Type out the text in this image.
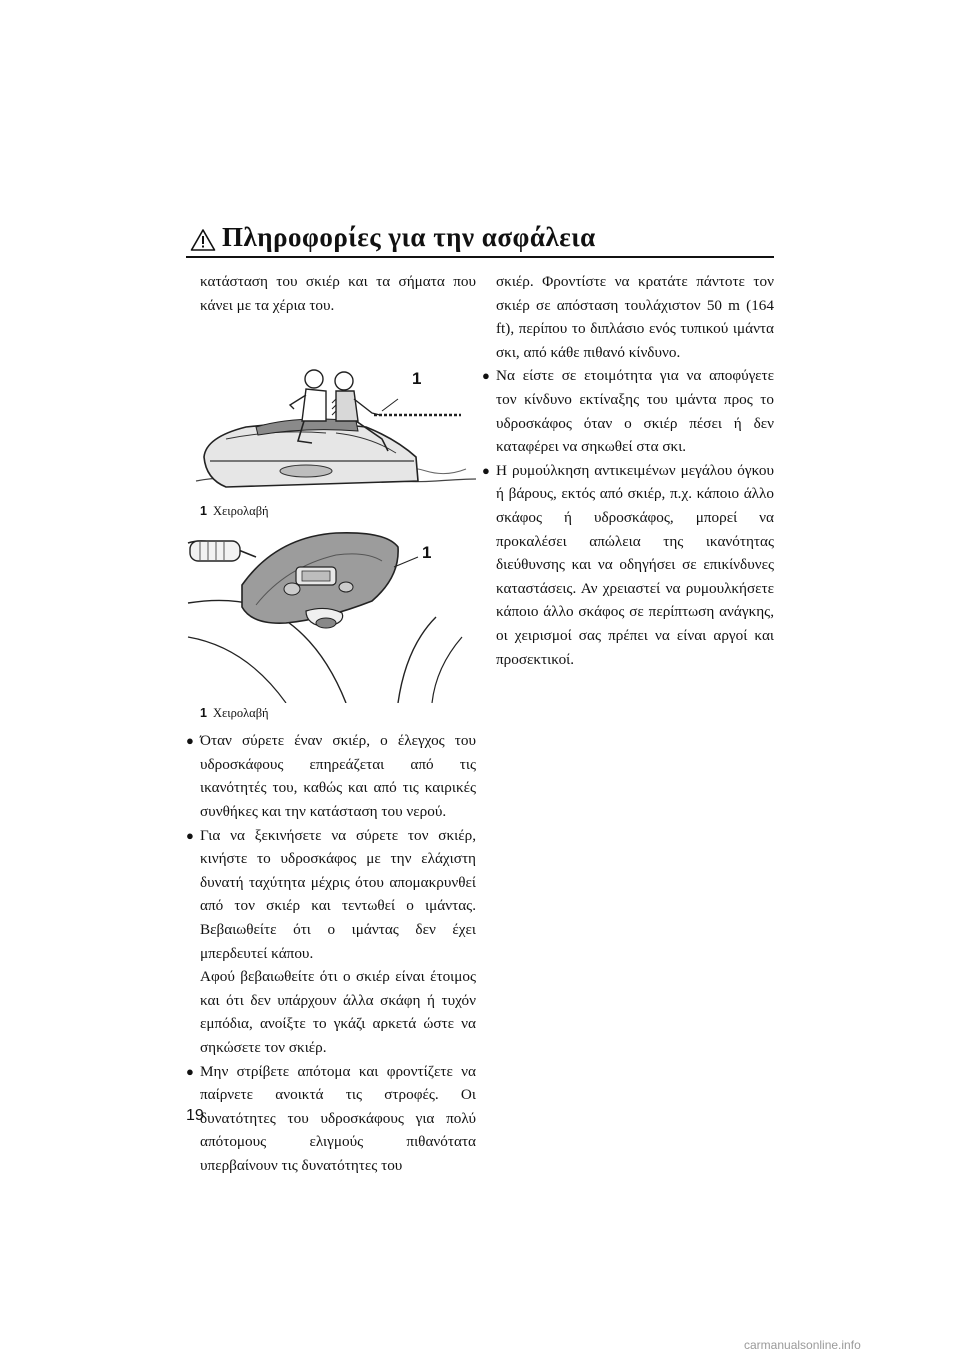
Πληροφορίες για την ασφάλεια

κατάσταση του σκιέρ και τα σήματα που κάνει με τα χέρια του.

1

1 Χειρολαβή

1

1 Χειρολαβή

● Όταν σύρετε έναν σκιέρ, ο έλεγχος του υδροσκάφους επηρεάζεται από τις ικανότητές του, καθώς και από τις καιρικές συνθήκες και την κατάσταση του νερού.

● Για να ξεκινήσετε να σύρετε τον σκιέρ, κινήστε το υδροσκάφος με την ελάχιστη δυνατή ταχύτητα μέχρις ότου απομακρυνθεί από τον σκιέρ και τεντωθεί ο ιμάντας. Βεβαιωθείτε ότι ο ιμάντας δεν έχει μπερδευτεί κάπου.

Αφού βεβαιωθείτε ότι ο σκιέρ είναι έτοιμος και ότι δεν υπάρχουν άλλα σκάφη ή τυχόν εμπόδια, ανοίξτε το γκάζι αρκετά ώστε να σηκώσετε τον σκιέρ.

● Μην στρίβετε απότομα και φροντίζετε να παίρνετε ανοικτά τις στροφές. Οι δυνατότητες του υδροσκάφους για πολύ απότομους ελιγμούς πιθανότατα υπερβαίνουν τις δυνατότητες του

σκιέρ. Φροντίστε να κρατάτε πάντοτε τον σκιέρ σε απόσταση τουλάχιστον 50 m (164 ft), περίπου το διπλάσιο ενός τυπικού ιμάντα σκι, από κάθε πιθανό κίνδυνο.

● Να είστε σε ετοιμότητα για να αποφύγετε τον κίνδυνο εκτίναξης του ιμάντα προς το υδροσκάφος όταν ο σκιέρ πέσει ή δεν καταφέρει να σηκωθεί στα σκι.

● Η ρυμούλκηση αντικειμένων μεγάλου όγκου ή βάρους, εκτός από σκιέρ, π.χ. κάποιο άλλο σκάφος ή υδροσκάφος, μπορεί να προκαλέσει απώλεια της ικανότητας διεύθυνσης και να οδηγήσει σε επικίνδυνες καταστάσεις. Αν χρειαστεί να ρυμουλκήσετε κάποιο άλλο σκάφος σε περίπτωση ανάγκης, οι χειρισμοί σας πρέπει να είναι αργοί και προσεκτικοί.

19
carmanualsonline.info
